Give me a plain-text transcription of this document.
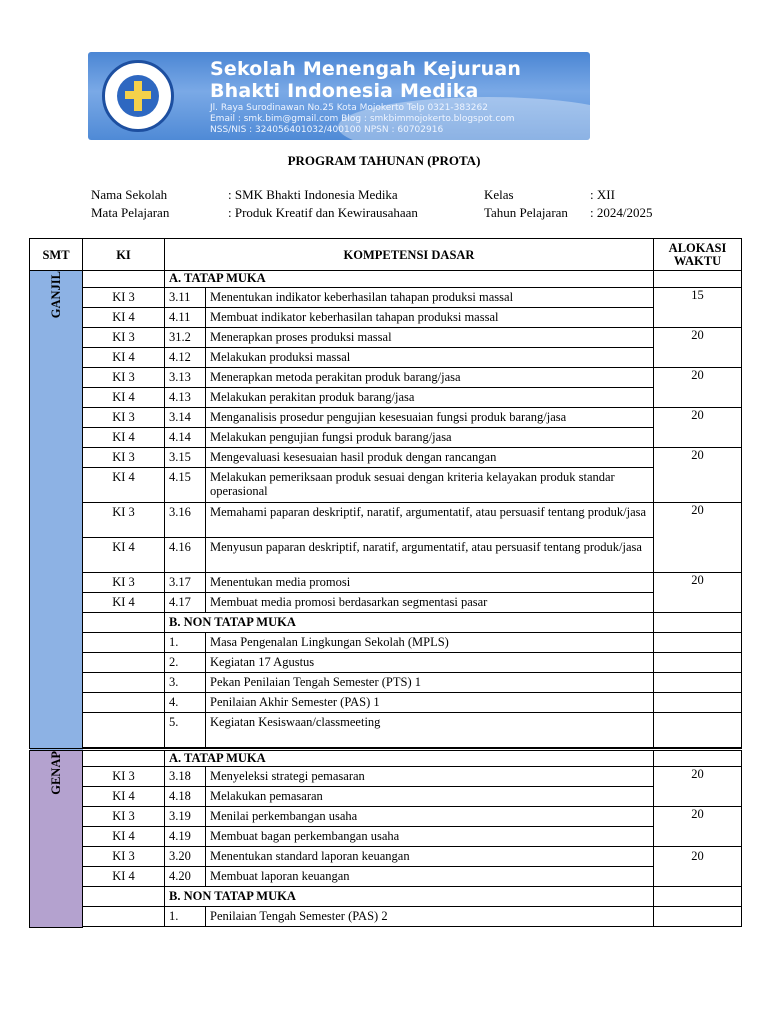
Sekolah Menengah Kejuruan
Bhakti Indonesia Medika
Jl. Raya Surodinawan No.25 Kota Mojokerto Telp 0321-383262
Email : smk.bim@gmail.com Blog : smkbimmojokerto.blogspot.com
NSS/NIS : 324056401032/400100 NPSN : 60702916
PROGRAM TAHUNAN (PROTA)
Nama Sekolah	: SMK Bhakti Indonesia Medika	Kelas	: XII
Mata Pelajaran	: Produk Kreatif dan Kewirausahaan	Tahun Pelajaran : 2024/2025
SMT	KI	KOMPETENSI DASAR		ALOKASI
WAKTU
GANJIL		A. TATAP MUKA		
	KI 3	3.11	Menentukan indikator keberhasilan tahapan produksi massal	15
	KI 4	4.11	Membuat indikator keberhasilan tahapan produksi massal	
	KI 3	31.2	Menerapkan proses produksi massal	20
	KI 4	4.12	Melakukan produksi massal	
	KI 3	3.13	Menerapkan metoda perakitan produk barang/jasa	20
	KI 4	4.13	Melakukan perakitan produk barang/jasa	
	KI 3	3.14	Menganalisis prosedur pengujian kesesuaian fungsi produk barang/jasa	20
	KI 4	4.14	Melakukan pengujian fungsi produk barang/jasa	
	KI 3	3.15	Mengevaluasi kesesuaian hasil produk dengan rancangan	20
	KI 4	4.15	Melakukan pemeriksaan produk sesuai dengan kriteria kelayakan produk standar operasional	
	KI 3	3.16	Memahami paparan deskriptif, naratif, argumentatif, atau persuasif tentang produk/jasa	20
	KI 4	4.16	Menyusun paparan deskriptif, naratif, argumentatif, atau persuasif tentang produk/jasa	
	KI 3	3.17	Menentukan media promosi	20
	KI 4	4.17	Membuat media promosi berdasarkan segmentasi pasar	
		B. NON TATAP MUKA		
		1.	Masa Pengenalan Lingkungan Sekolah (MPLS)	
		2.	Kegiatan 17 Agustus	
		3.	Pekan Penilaian Tengah Semester (PTS) 1	
		4.	Penilaian Akhir Semester (PAS) 1	
		5.	Kegiatan Kesiswaan/classmeeting	

GENAP		A. TATAP MUKA		
	KI 3	3.18	Menyeleksi strategi pemasaran	20
	KI 4	4.18	Melakukan pemasaran	
	KI 3	3.19	Menilai perkembangan usaha	20
	KI 4	4.19	Membuat bagan perkembangan usaha	
	KI 3	3.20	Menentukan standard laporan keuangan	20
	KI 4	4.20	Membuat laporan keuangan	
		B. NON TATAP MUKA		
		1.	Penilaian Tengah Semester (PAS) 2	
